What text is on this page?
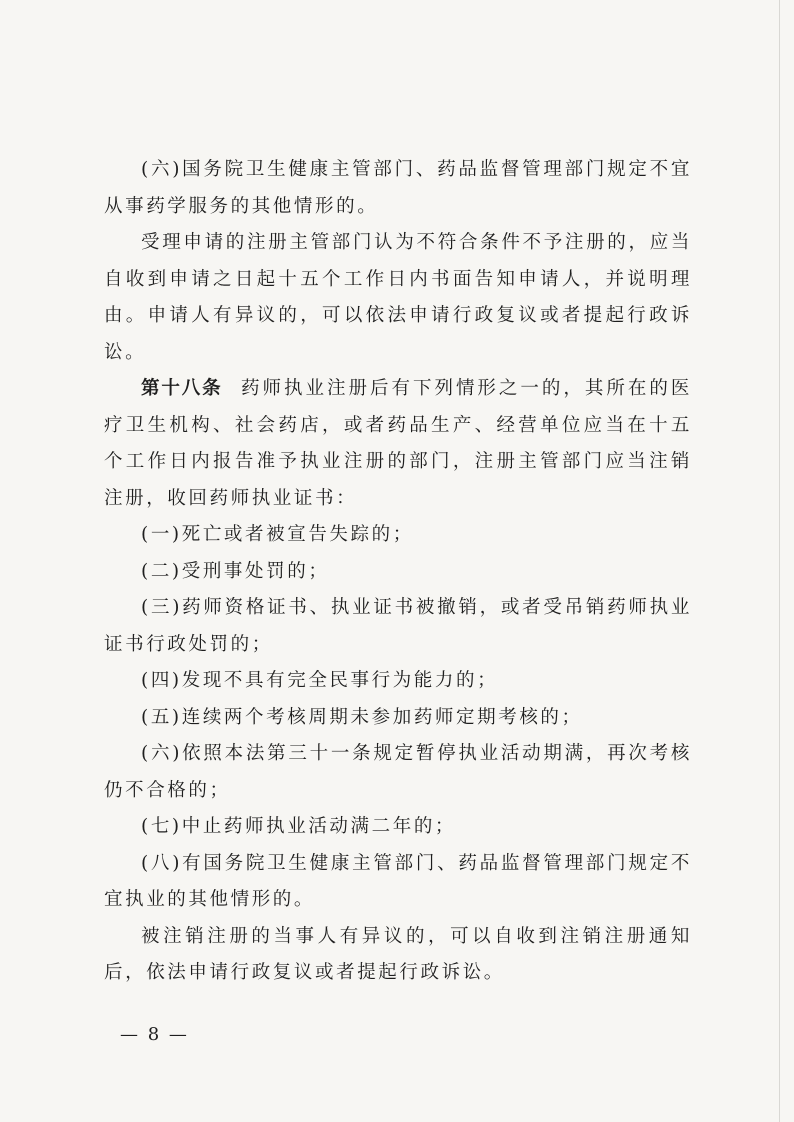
(六)国务院卫生健康主管部门、药品监督管理部门规定不宜从事药学服务的其他情形的。

受理申请的注册主管部门认为不符合条件不予注册的，应当自收到申请之日起十五个工作日内书面告知申请人，并说明理由。申请人有异议的，可以依法申请行政复议或者提起行政诉讼。

第十八条 药师执业注册后有下列情形之一的，其所在的医疗卫生机构、社会药店，或者药品生产、经营单位应当在十五个工作日内报告准予执业注册的部门，注册主管部门应当注销注册，收回药师执业证书：

(一)死亡或者被宣告失踪的；

(二)受刑事处罚的；

(三)药师资格证书、执业证书被撤销，或者受吊销药师执业证书行政处罚的；

(四)发现不具有完全民事行为能力的；

(五)连续两个考核周期未参加药师定期考核的；

(六)依照本法第三十一条规定暂停执业活动期满，再次考核仍不合格的；

(七)中止药师执业活动满二年的；

(八)有国务院卫生健康主管部门、药品监督管理部门规定不宜执业的其他情形的。

被注销注册的当事人有异议的，可以自收到注销注册通知后，依法申请行政复议或者提起行政诉讼。

— 8 —
